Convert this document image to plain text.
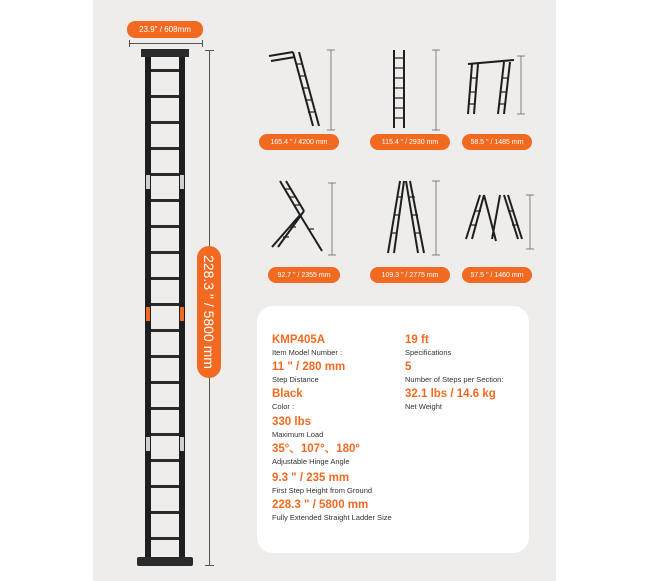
23.9" / 608mm
228.3 " / 5800 mm
165.4 " / 4200 mm	115.4 " / 2930 mm	58.5 " / 1485 mm
92.7 " / 2355 mm	109.3 " / 2775 mm	57.5 " / 1460 mm
KMP405A
Item Model Number :
19 ft
Specifications
11 " / 280 mm
Step Distance
5
Number of Steps per Section:
Black
Color :
32.1 lbs / 14.6 kg
Net Weight
330 lbs
Maximum Load
35°、107°、180°
Adjustable Hinge Angle
9.3 " / 235 mm
First Step Height from Ground
228.3 " / 5800 mm
Fully Extended Straight Ladder Size
